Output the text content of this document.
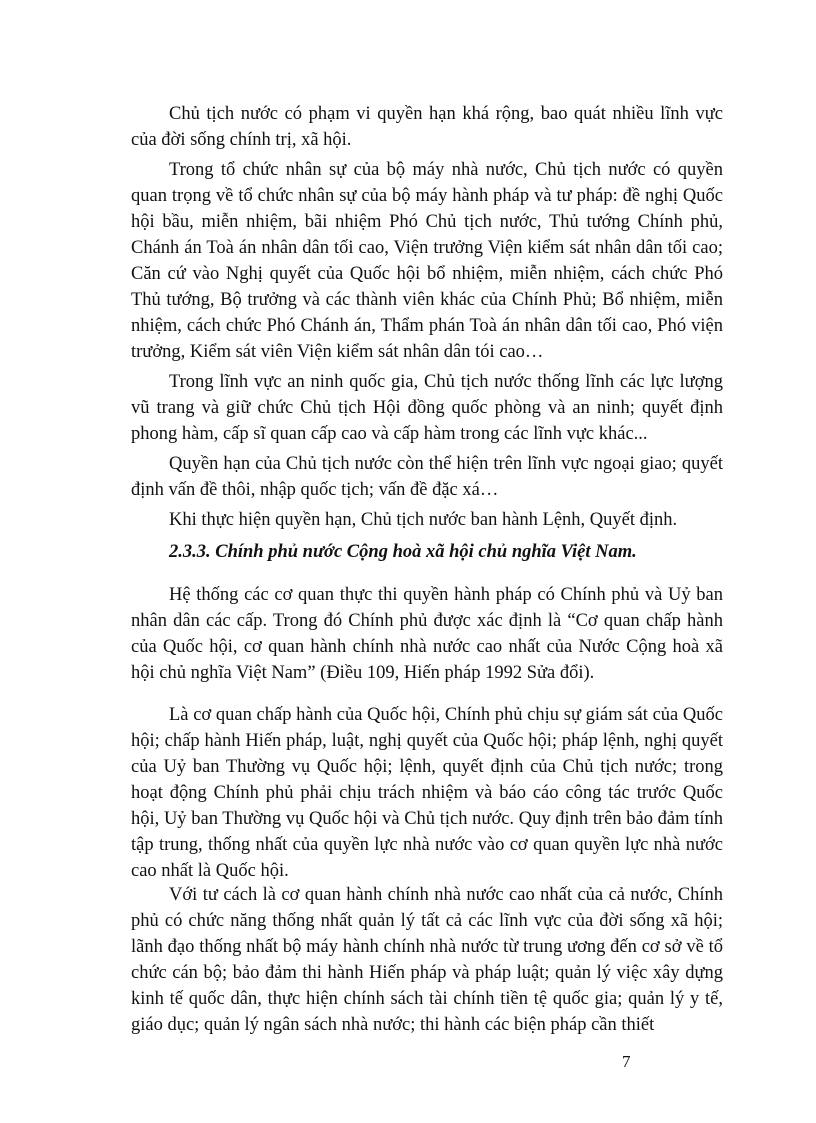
Chủ tịch nước có phạm vi quyền hạn khá rộng, bao quát nhiều lĩnh vực của đời sống chính trị, xã hội.

Trong tổ chức nhân sự của bộ máy nhà nước, Chủ tịch nước có quyền quan trọng về tổ chức nhân sự của bộ máy hành pháp và tư pháp: đề nghị Quốc hội bầu, miễn nhiệm, bãi nhiệm Phó Chủ tịch nước, Thủ tướng Chính phủ, Chánh án Toà án nhân dân tối cao, Viện trưởng Viện kiểm sát nhân dân tối cao; Căn cứ vào Nghị quyết của Quốc hội bổ nhiệm, miễn nhiệm, cách chức Phó Thủ tướng, Bộ trưởng và các thành viên khác của Chính Phủ; Bổ nhiệm, miễn nhiệm, cách chức Phó Chánh án, Thẩm phán Toà án nhân dân tối cao, Phó viện trưởng, Kiểm sát viên Viện kiểm sát nhân dân tói cao…

Trong lĩnh vực an ninh quốc gia, Chủ tịch nước thống lĩnh các lực lượng vũ trang và giữ chức Chủ tịch Hội đồng quốc phòng và an ninh; quyết định phong hàm, cấp sĩ quan cấp cao và cấp hàm trong các lĩnh vực khác...

Quyền hạn của Chủ tịch nước còn thể hiện trên lĩnh vực ngoại giao; quyết định vấn đề thôi, nhập quốc tịch; vấn đề đặc xá…

Khi thực hiện quyền hạn, Chủ tịch nước ban hành Lệnh, Quyết định.

2.3.3. Chính phủ nước Cộng hoà xã hội chủ nghĩa Việt Nam.

Hệ thống các cơ quan thực thi quyền hành pháp có Chính phủ và Uỷ ban nhân dân các cấp. Trong đó Chính phủ được xác định là “Cơ quan chấp hành của Quốc hội, cơ quan hành chính nhà nước cao nhất của Nước Cộng hoà xã hội chủ nghĩa Việt Nam” (Điều 109, Hiến pháp 1992 Sửa đổi).

Là cơ quan chấp hành của Quốc hội, Chính phủ chịu sự giám sát của Quốc hội; chấp hành Hiến pháp, luật, nghị quyết của Quốc hội; pháp lệnh, nghị quyết của Uỷ ban Thường vụ Quốc hội; lệnh, quyết định của Chủ tịch nước; trong hoạt động Chính phủ phải chịu trách nhiệm và báo cáo công tác trước Quốc hội, Uỷ ban Thường vụ Quốc hội và Chủ tịch nước. Quy định trên bảo đảm tính tập trung, thống nhất của quyền lực nhà nước vào cơ quan quyền lực nhà nước cao nhất là Quốc hội.

Với tư cách là cơ quan hành chính nhà nước cao nhất của cả nước, Chính phủ có chức năng thống nhất quản lý tất cả các lĩnh vực của đời sống xã hội; lãnh đạo thống nhất bộ máy hành chính nhà nước từ trung ương đến cơ sở về tổ chức cán bộ; bảo đảm thi hành Hiến pháp và pháp luật; quản lý việc xây dựng kinh tế quốc dân, thực hiện chính sách tài chính tiền tệ quốc gia; quản lý y tế, giáo dục; quản lý ngân sách nhà nước; thi hành các biện pháp cần thiết

7
